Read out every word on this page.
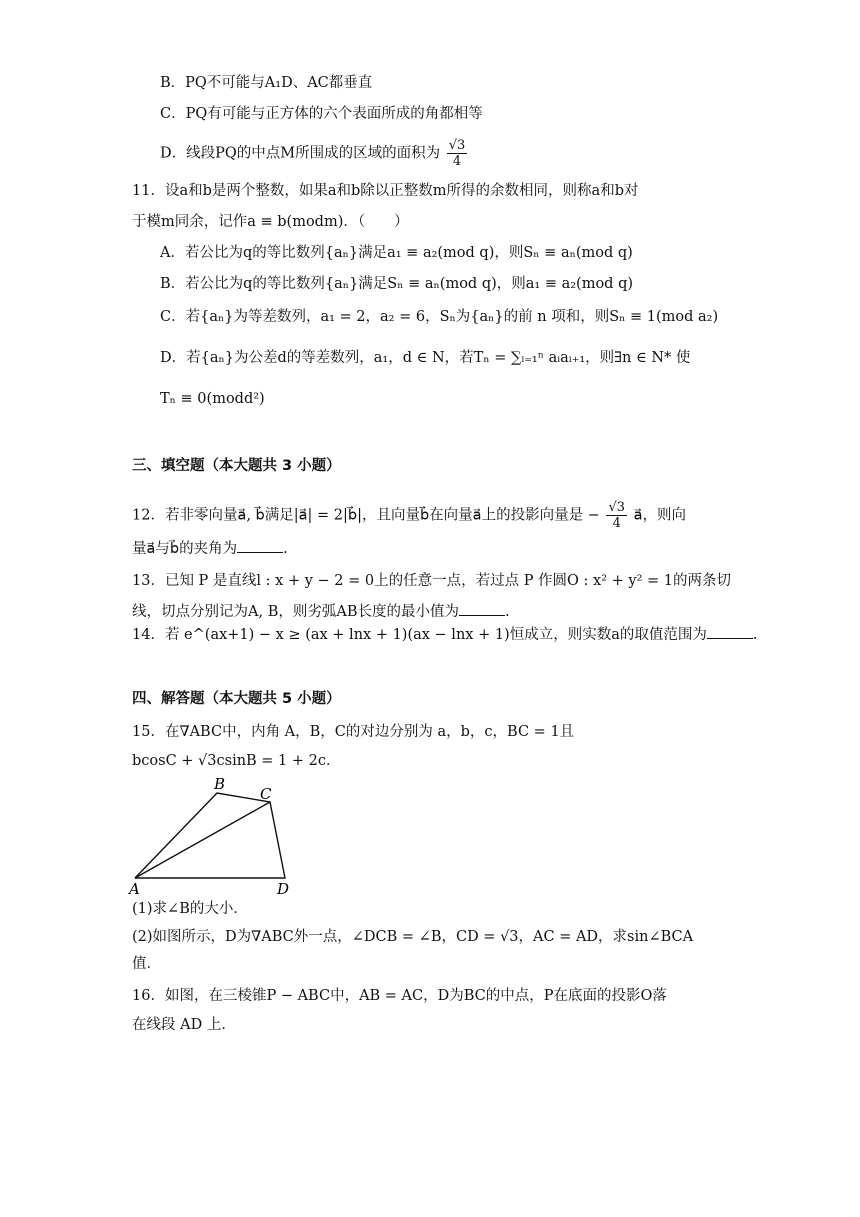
B．PQ不可能与A₁D、AC都垂直
C．PQ有可能与正方体的六个表面所成的角都相等
D．线段PQ的中点M所围成的区域的面积为 $\frac{√3}{4}$
11．设a和b是两个整数，如果a和b除以正整数m所得的余数相同，则称a和b对
于模m同余，记作a ≡ b(modm)．（　　）
A．若公比为q的等比数列{aₙ}满足a₁ ≡ a₂(mod q)，则Sₙ ≡ aₙ(mod q)
B．若公比为q的等比数列{aₙ}满足Sₙ ≡ aₙ(mod q)，则a₁ ≡ a₂(mod q)
C．若{aₙ}为等差数列，a₁ = 2，a₂ = 6，Sₙ为{aₙ}的前 n 项和，则Sₙ ≡ 1(mod a₂)
D．若{aₙ}为公差d的等差数列，a₁，d ∈ N，若Tₙ = ∑ᵢ₌₁ⁿ aᵢaᵢ₊₁，则∃n ∈ N* 使
Tₙ ≡ 0(modd²)
三、填空题（本大题共 3 小题）
12．若非零向量a⃗, b⃗满足|a⃗| = 2|b⃗|，且向量b⃗在向量a⃗上的投影向量是 − $\frac{√3}{4}$ a⃗，则向
量a⃗与b⃗的夹角为	.
13．已知 P 是直线l : x + y − 2 = 0上的任意一点，若过点 P 作圆O : x² + y² = 1的两条切
线，切点分别记为A, B，则劣弧AB长度的最小值为	.
14．若 e^(ax+1) − x ≥ (ax + lnx + 1)(ax − lnx + 1)恒成立，则实数a的取值范围为	.
四、解答题（本大题共 5 小题）
15．在∇ABC中，内角 A，B，C的对边分别为 a，b，c，BC = 1且
bcosC + √3csinB = 1 + 2c．
B
C
A	D
(1)求∠B的大小．
(2)如图所示，D为∇ABC外一点，∠DCB = ∠B，CD = √3，AC = AD，求sin∠BCA
值．
16．如图，在三棱锥P − ABC中，AB = AC，D为BC的中点，P在底面的投影O落
在线段 AD 上．
